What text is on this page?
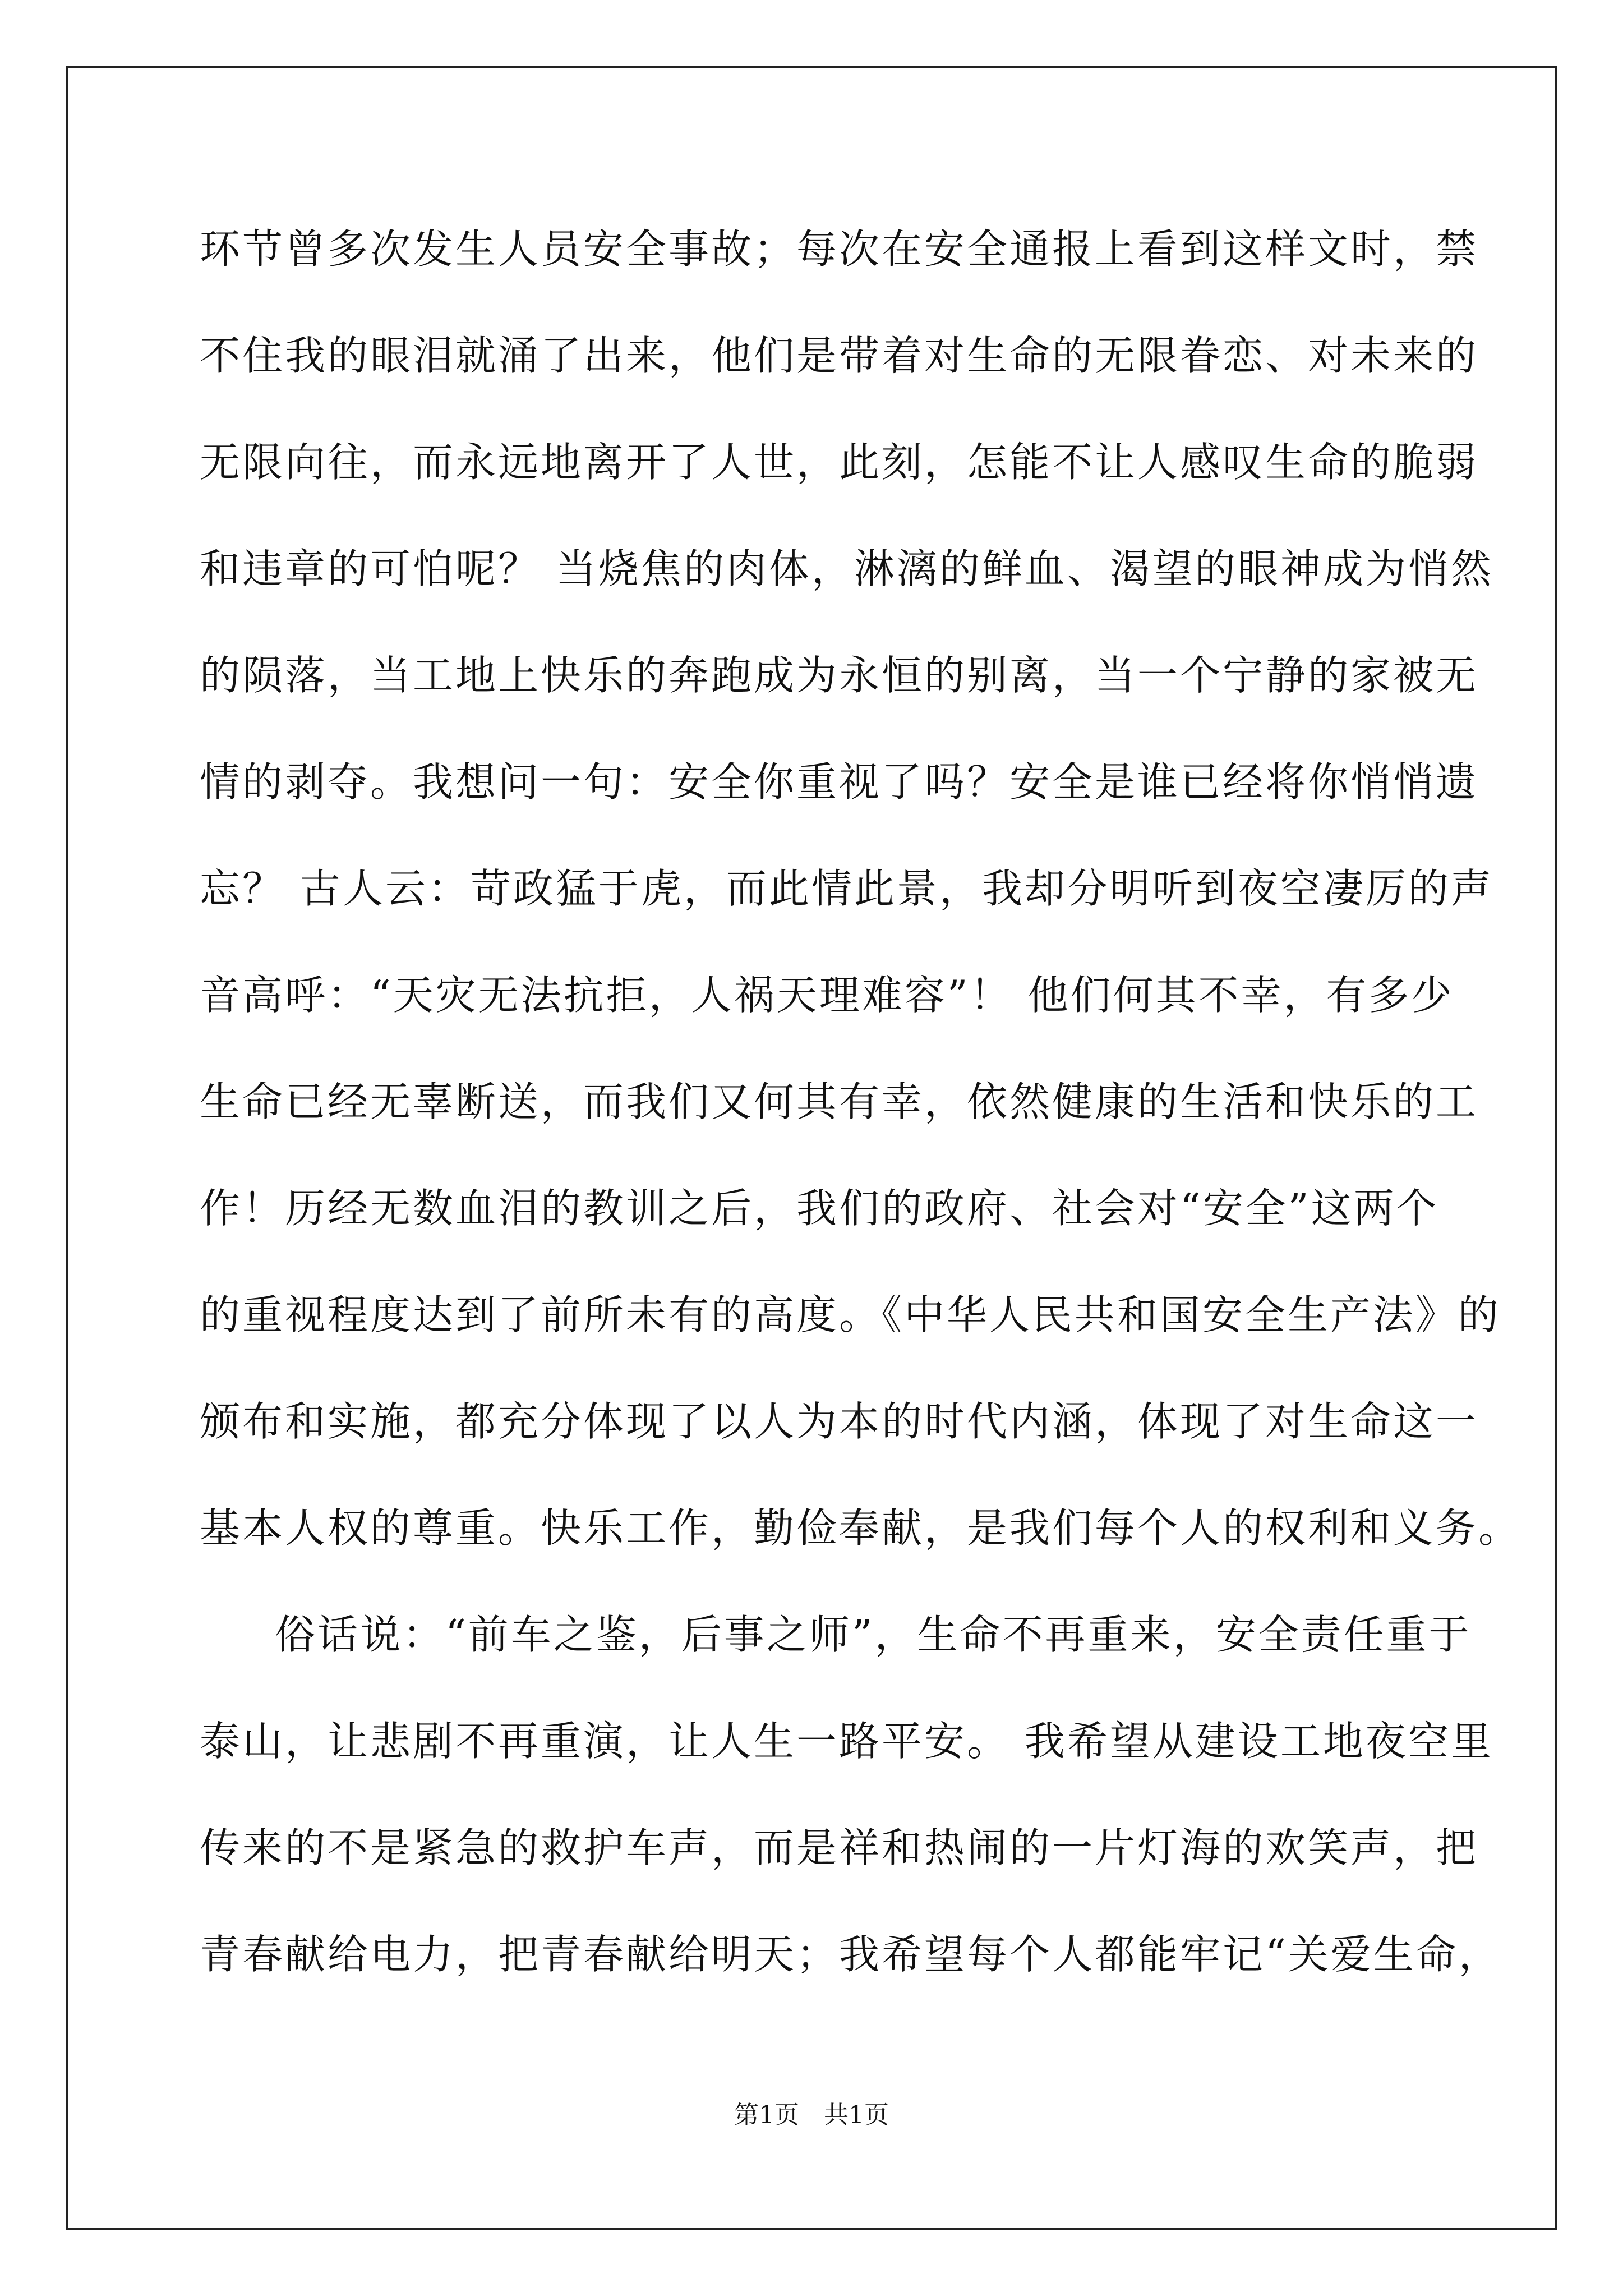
环节曾多次发生人员安全事故；每次在安全通报上看到这样文时，禁
不住我的眼泪就涌了出来，他们是带着对生命的无限眷恋、对未来的
无限向往，而永远地离开了人世，此刻，怎能不让人感叹生命的脆弱
和违章的可怕呢？ 当烧焦的肉体，淋漓的鲜血、渴望的眼神成为悄然
的陨落，当工地上快乐的奔跑成为永恒的别离，当一个宁静的家被无
情的剥夺。我想问一句：安全你重视了吗？安全是谁已经将你悄悄遗
忘？ 古人云：苛政猛于虎，而此情此景，我却分明听到夜空凄厉的声
音高呼：“天灾无法抗拒，人祸天理难容”！ 他们何其不幸，有多少
生命已经无辜断送，而我们又何其有幸，依然健康的生活和快乐的工
作！历经无数血泪的教训之后，我们的政府、社会对“安全”这两个
的重视程度达到了前所未有的高度。《中华人民共和国安全生产法》的
颁布和实施，都充分体现了以人为本的时代内涵，体现了对生命这一
基本人权的尊重。快乐工作，勤俭奉献，是我们每个人的权利和义务。
俗话说：“前车之鉴，后事之师”，生命不再重来，安全责任重于
泰山，让悲剧不再重演，让人生一路平安。 我希望从建设工地夜空里
传来的不是紧急的救护车声，而是祥和热闹的一片灯海的欢笑声，把
青春献给电力，把青春献给明天；我希望每个人都能牢记“关爱生命，
第1页　共1页
